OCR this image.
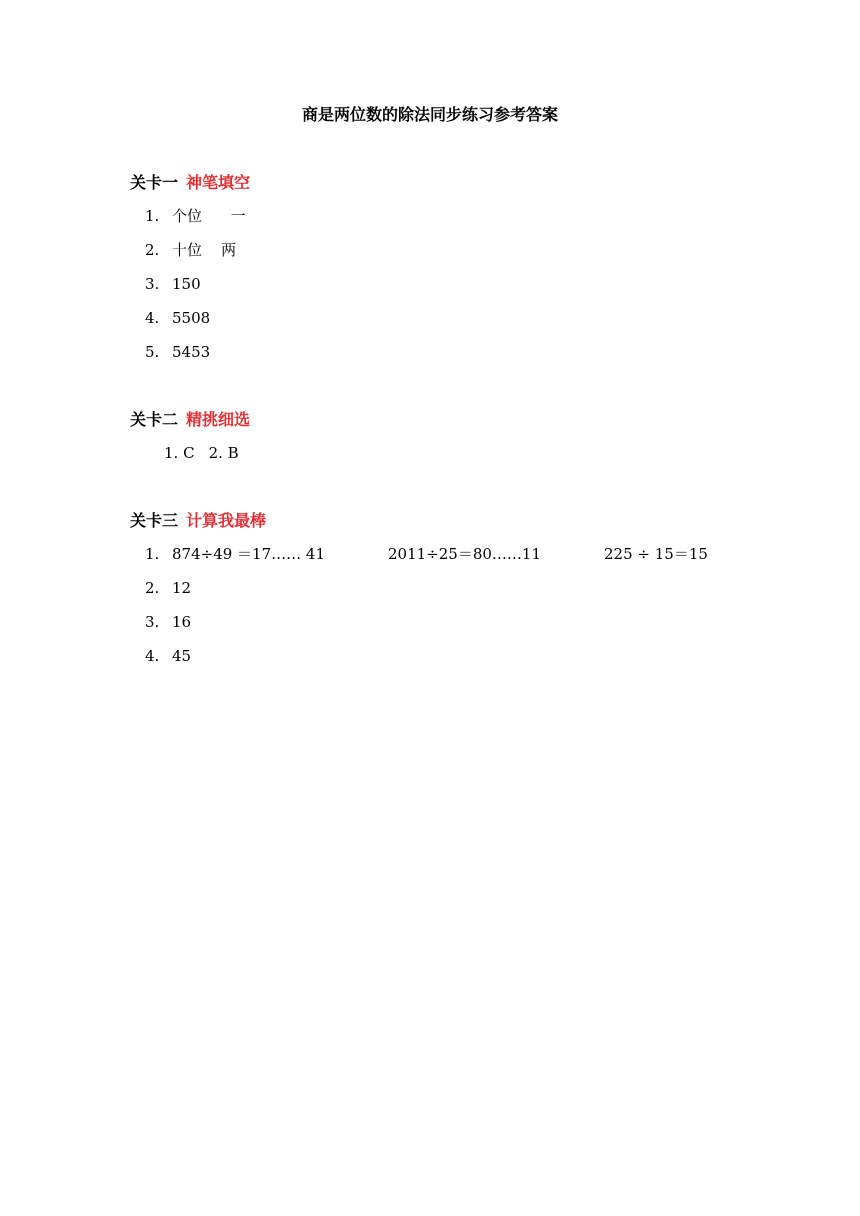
商是两位数的除法同步练习参考答案
关卡一 神笔填空
1. 个位      一
2. 十位    两
3. 150
4. 5508
5. 5453
关卡二 精挑细选
1. C 2. B
关卡三 计算我最棒
1. 874÷49 ＝17…… 41	2011÷25＝80……11	225 ÷ 15＝15
2. 12
3. 16
4. 45
